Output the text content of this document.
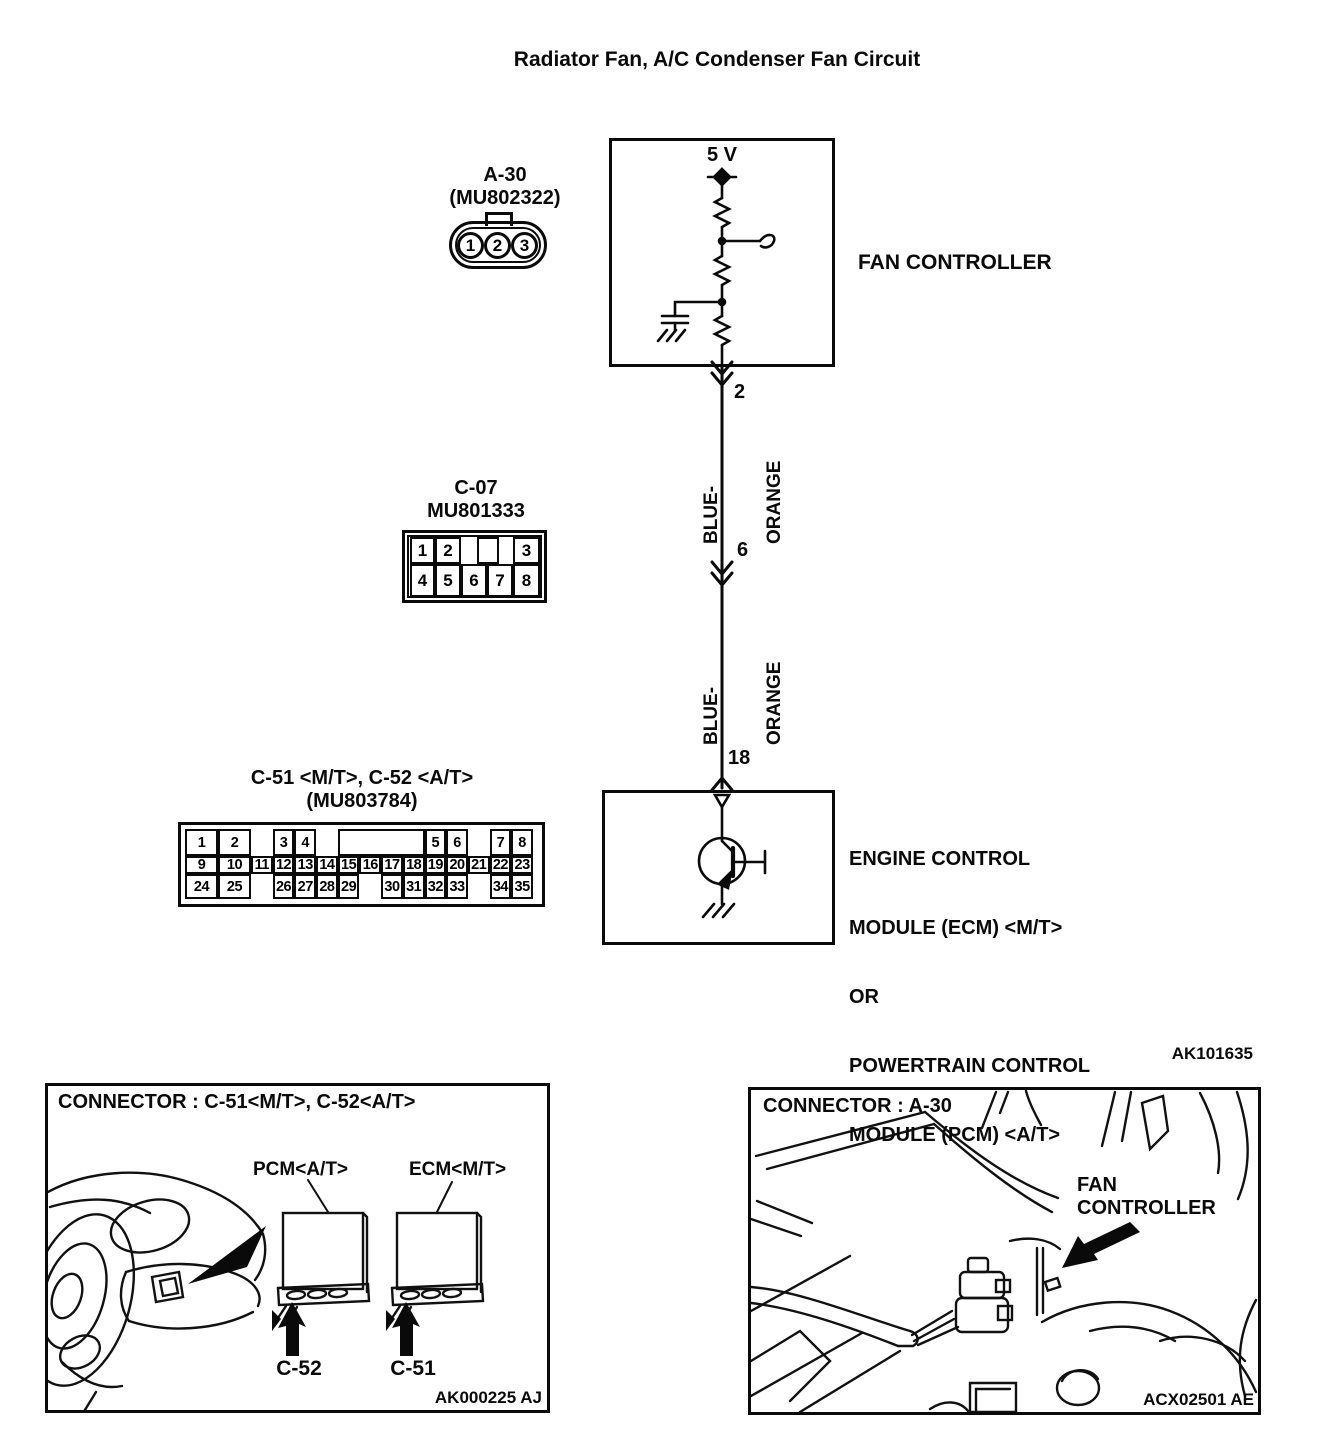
Radiator Fan, A/C Condenser Fan Circuit
A-30
(MU802322)
1	2	3
5 V
FAN CONTROLLER
2

BLUE-

ORANGE

BLUE-

ORANGE

6
18
C-07
MU801333
1 2	3
4 5 6 7	8
C-51 <M/T>, C-52 <A/T>
(MU803784)
1	2	3 4	5 6	7 8
9	10 11 12 13 14 15 16 17 18 19 20 21 22 23
24	25	26 27 28 29 30 31 32 33 34 35

ENGINE CONTROL

MODULE (ECM) <M/T>

OR

POWERTRAIN CONTROL

MODULE (PCM) <A/T>

AK101635
CONNECTOR : C-51<M/T>, C-52<A/T>
PCM<A/T>	ECM<M/T>
C-52	C-51
AK000225 AJ
CONNECTOR : A-30
FAN
CONTROLLER
ACX02501 AE
